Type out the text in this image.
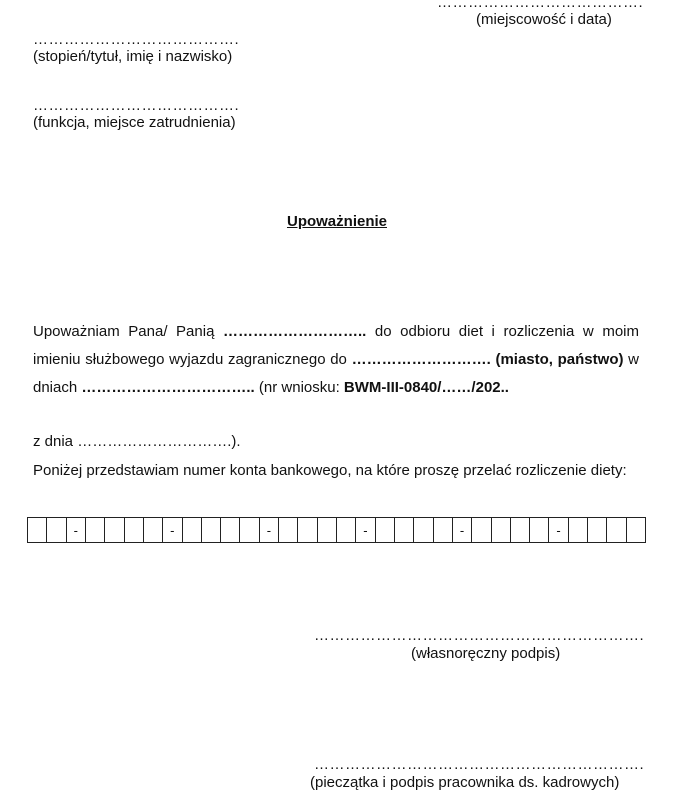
………………………………….
(miejscowość i data)
………………………………….
(stopień/tytuł, imię i nazwisko)
………………………………….
(funkcja, miejsce zatrudnienia)
Upoważnienie
Upoważniam Pana/ Panią ……………………….. do odbioru diet i rozliczenia w moim imieniu służbowego wyjazdu zagranicznego do ………………………. (miasto, państwo) w dniach …………………………….. (nr wniosku: BWM-III-0840/……/202..
z dnia ………………………….).
Poniżej przedstawiam numer konta bankowego, na które proszę przelać rozliczenie diety:
		-					-					-					-					-					-				
……………………………………………………….
(własnoręczny podpis)
……………………………………………………….
(pieczątka i podpis pracownika ds. kadrowych)
